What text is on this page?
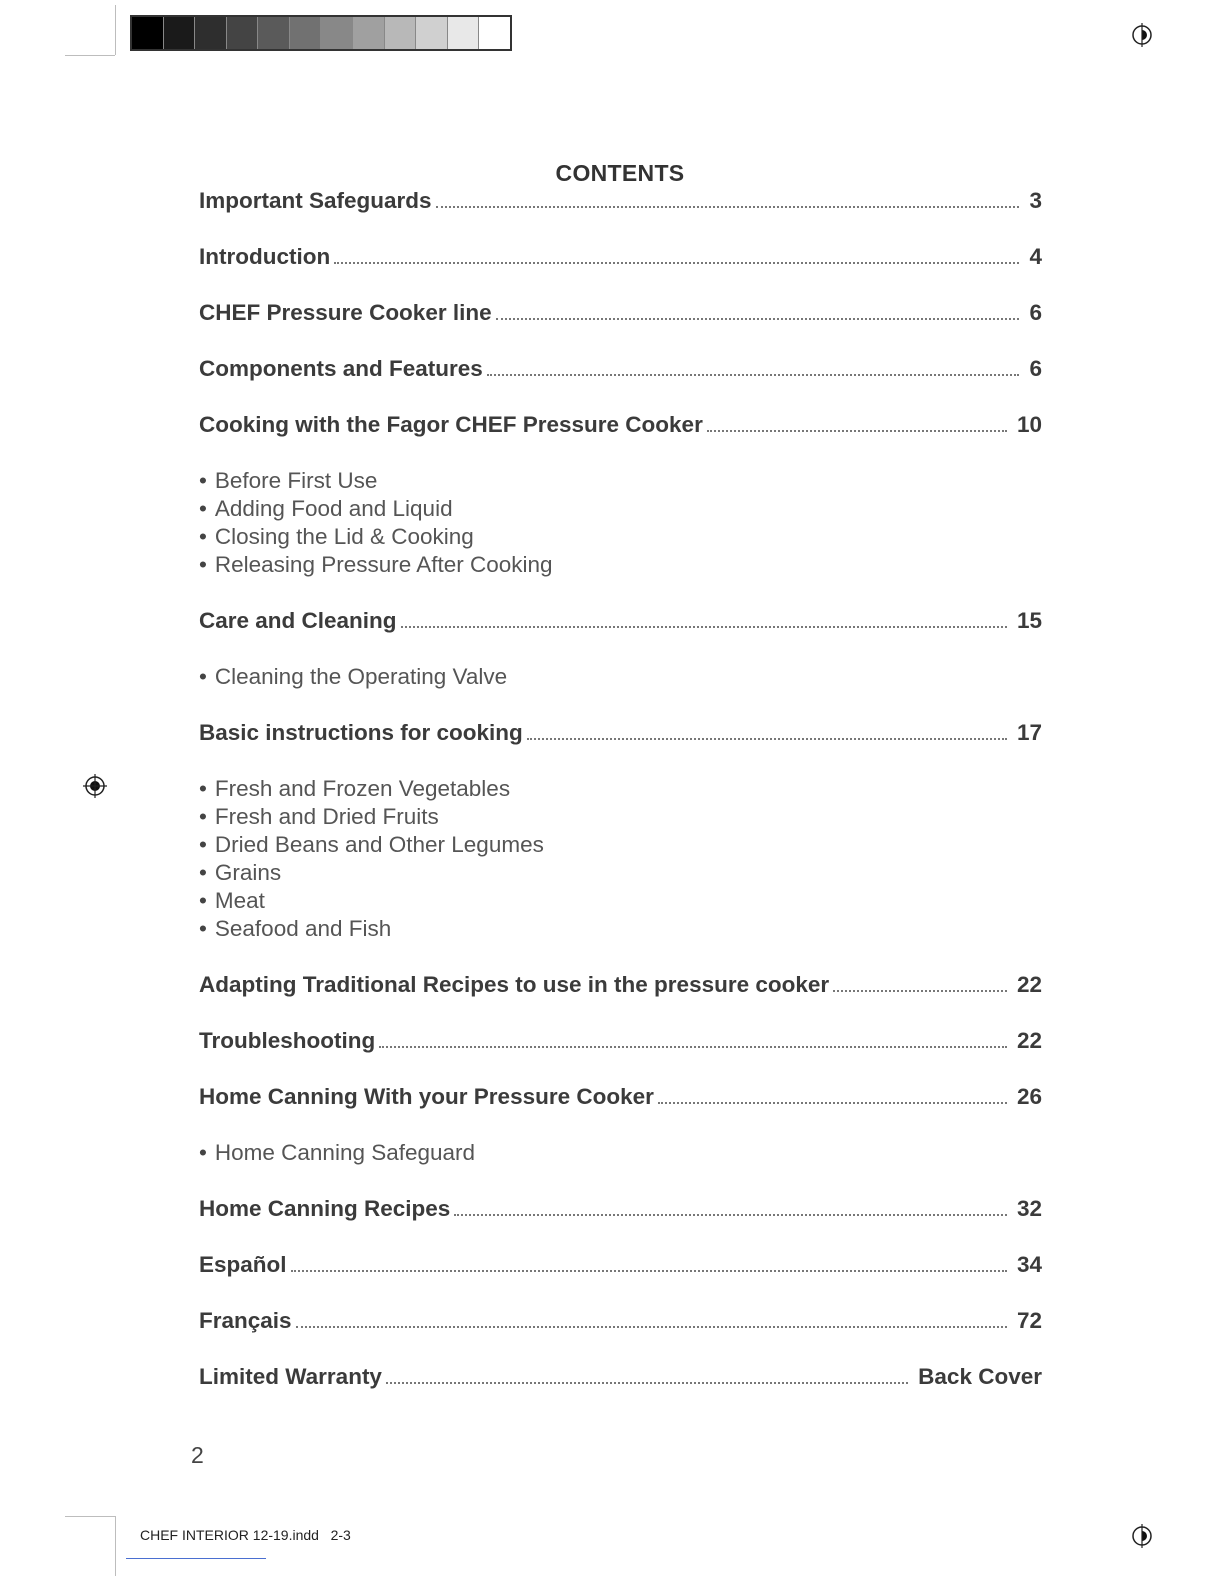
CONTENTS
Important Safeguards	3
Introduction	4
CHEF Pressure Cooker line	6
Components and Features	6
Cooking with the Fagor CHEF Pressure Cooker	10
• Before First Use
• Adding Food and Liquid
• Closing the Lid & Cooking
• Releasing Pressure After Cooking
Care and Cleaning	15
• Cleaning the Operating Valve
Basic instructions for cooking	17
• Fresh and Frozen Vegetables
• Fresh and Dried Fruits
• Dried Beans and Other Legumes
• Grains
• Meat
• Seafood and Fish
Adapting Traditional Recipes to use in the pressure cooker	22
Troubleshooting	22
Home Canning With your Pressure Cooker	26
• Home Canning Safeguard
Home Canning Recipes	32
Español	34
Français	72
Limited Warranty	Back Cover
2
CHEF INTERIOR 12-19.indd   2-3
